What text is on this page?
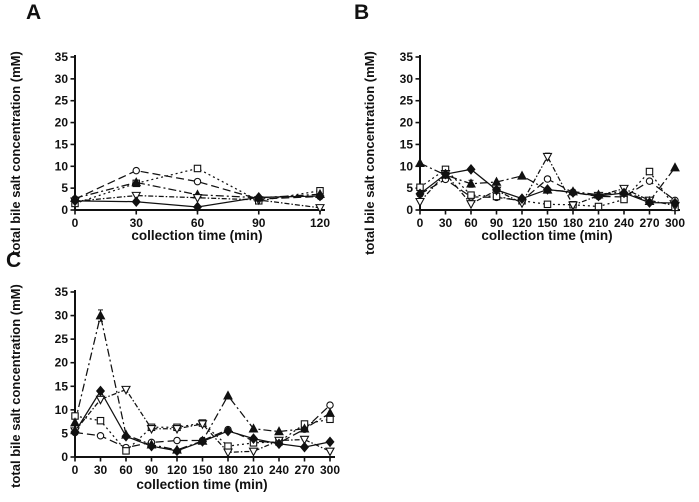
A
total bile salt concentration (mM)	collection time (min)
0
5
10
15
20
25
30
35
0	30	60	90	120
B
total bile salt concentration (mM)	collection time (min)
0
5
10
15
20
25
30
35
0 30 60 90 120 150 180 210 240 270 300
C
total bile salt concentration (mM)	collection time (min)
0
5
10
15
20
25
30
35
0 30 60 90 120 150 180 210 240 270 300
